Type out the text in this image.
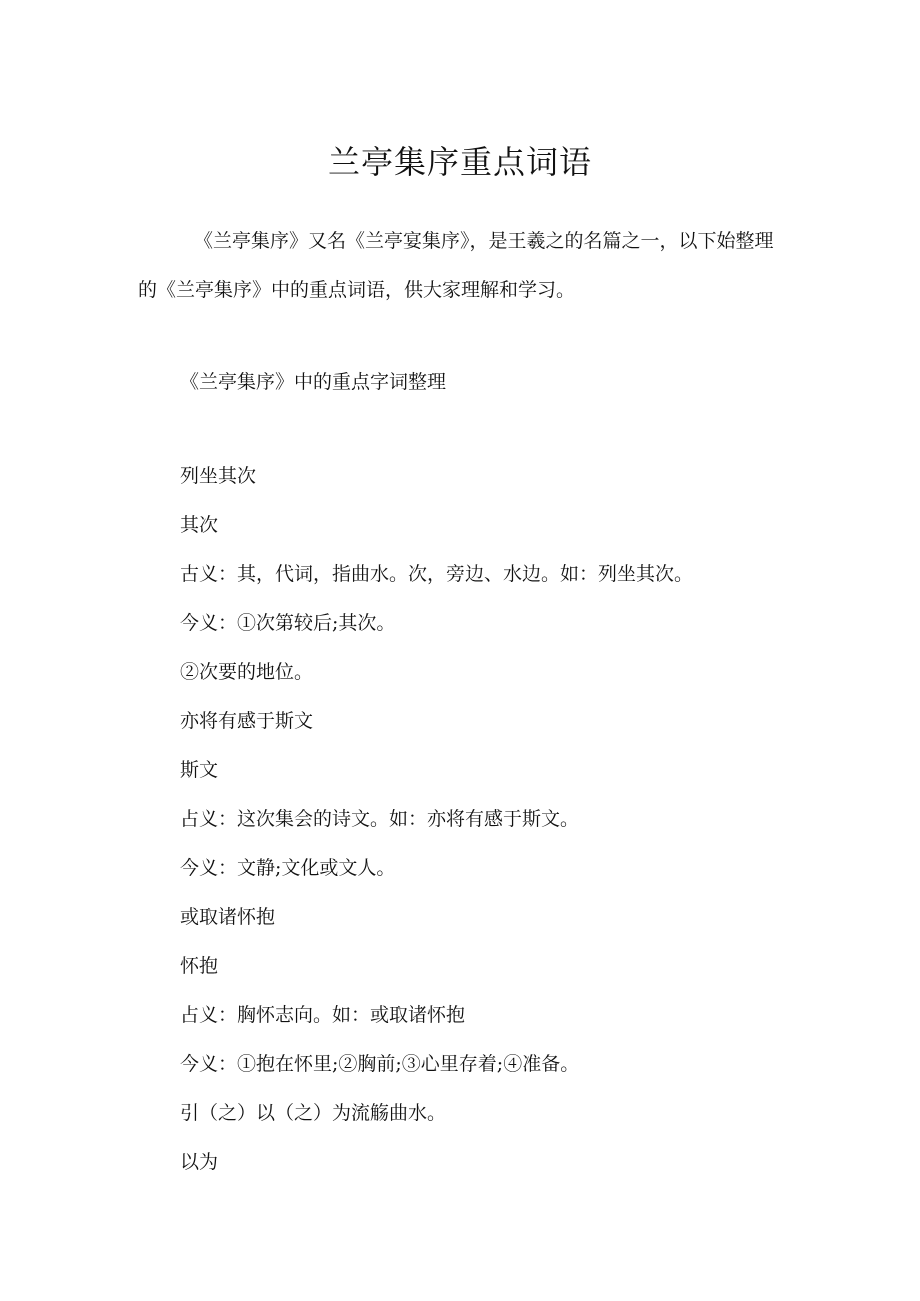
兰亭集序重点词语

《兰亭集序》又名《兰亭宴集序》，是王羲之的名篇之一，以下始整理的《兰亭集序》中的重点词语，供大家理解和学习。

《兰亭集序》中的重点字词整理

列坐其次
其次
古义：其，代词，指曲水。次，旁边、水边。如：列坐其次。
今义：①次第较后;其次。
②次要的地位。
亦将有感于斯文
斯文
占义：这次集会的诗文。如：亦将有感于斯文。
今义：文静;文化或文人。
或取诸怀抱
怀抱
占义：胸怀志向。如：或取诸怀抱
今义：①抱在怀里;②胸前;③心里存着;④准备。
引（之）以（之）为流觞曲水。
以为
